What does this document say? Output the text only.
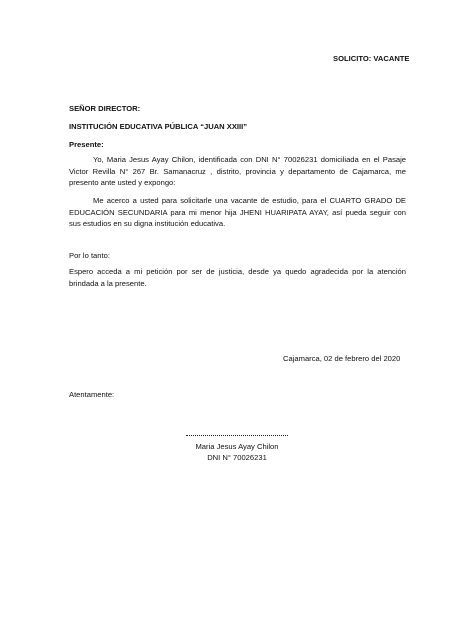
SOLICITO: VACANTE
SEÑOR DIRECTOR:
INSTITUCIÓN EDUCATIVA PÚBLICA “JUAN XXIII”
Presente:
Yo, Maria Jesus Ayay Chilon, identificada con DNI N° 70026231 domiciliada en el Pasaje Victor Revilla N° 267 Br. Samanacruz , distrito, provincia y departamento de Cajamarca, me presento ante usted y expongo:
Me acerco a usted para solicitarle una vacante de estudio, para el CUARTO GRADO DE EDUCACIÓN SECUNDARIA para mi menor hija JHENI HUARIPATA AYAY, así pueda seguir con sus estudios en su digna institución educativa.
Por lo tanto:
Espero acceda a mi petición por ser de justicia, desde ya quedo agradecida por la atención brindada a la presente.
Cajamarca, 02 de febrero del 2020
Atentamente:
Maria Jesus Ayay Chilon
DNI N° 70026231
